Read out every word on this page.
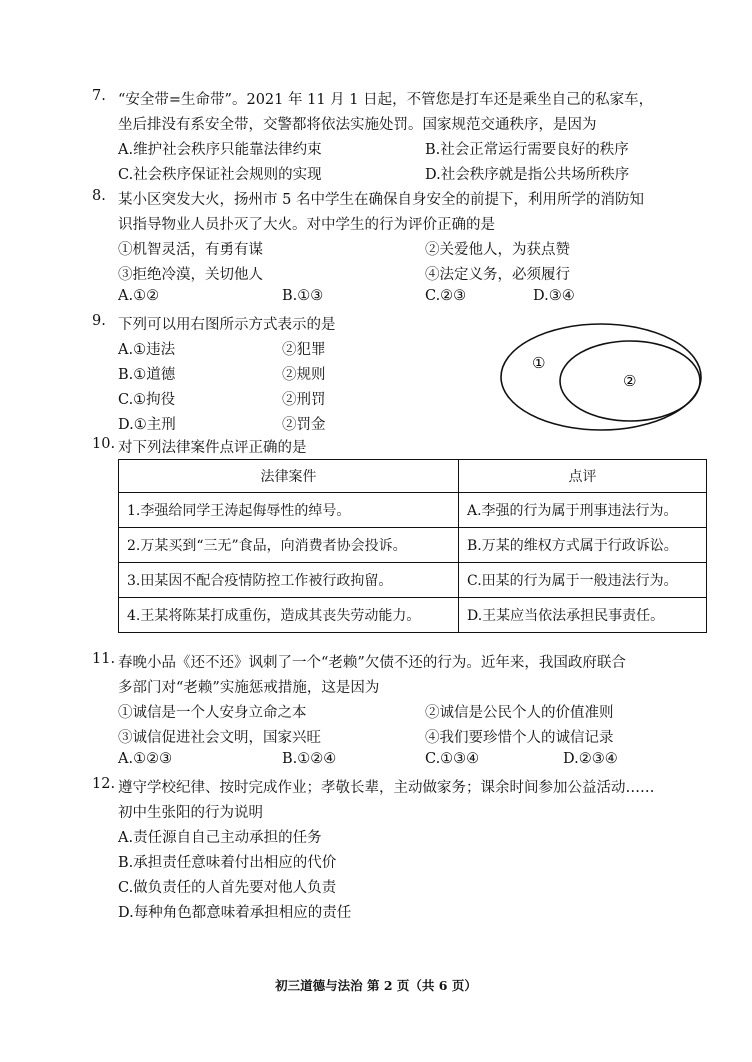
7. “安全带=生命带”。2021 年 11 月 1 日起，不管您是打车还是乘坐自己的私家车，
坐后排没有系安全带，交警都将依法实施处罚。国家规范交通秩序，是因为
A.维护社会秩序只能靠法律约束	B.社会正常运行需要良好的秩序
C.社会秩序保证社会规则的实现	D.社会秩序就是指公共场所秩序
8. 某小区突发大火，扬州市 5 名中学生在确保自身安全的前提下，利用所学的消防知
识指导物业人员扑灭了大火。对中学生的行为评价正确的是
①机智灵活，有勇有谋	②关爱他人，为获点赞
③拒绝冷漠，关切他人	④法定义务，必须履行
A.①②	B.①③	C.②③	D.③④
9. 下列可以用右图所示方式表示的是
A.①违法	②犯罪
B.①道德	②规则
C.①拘役	②刑罚
D.①主刑	②罚金
①
②
10. 对下列法律案件点评正确的是
法律案件	点评
1.李强给同学王涛起侮辱性的绰号。	A.李强的行为属于刑事违法行为。
2.万某买到“三无”食品，向消费者协会投诉。	B.万某的维权方式属于行政诉讼。
3.田某因不配合疫情防控工作被行政拘留。	C.田某的行为属于一般违法行为。
4.王某将陈某打成重伤，造成其丧失劳动能力。	D.王某应当依法承担民事责任。
11. 春晚小品《还不还》讽刺了一个“老赖”欠债不还的行为。近年来，我国政府联合
多部门对“老赖”实施惩戒措施，这是因为
①诚信是一个人安身立命之本	②诚信是公民个人的价值准则
③诚信促进社会文明，国家兴旺	④我们要珍惜个人的诚信记录
A.①②③	B.①②④	C.①③④	D.②③④
12. 遵守学校纪律、按时完成作业；孝敬长辈，主动做家务；课余时间参加公益活动……
初中生张阳的行为说明
A.责任源自自己主动承担的任务
B.承担责任意味着付出相应的代价
C.做负责任的人首先要对他人负责
D.每种角色都意味着承担相应的责任
初三道德与法治 第 2 页（共 6 页）
